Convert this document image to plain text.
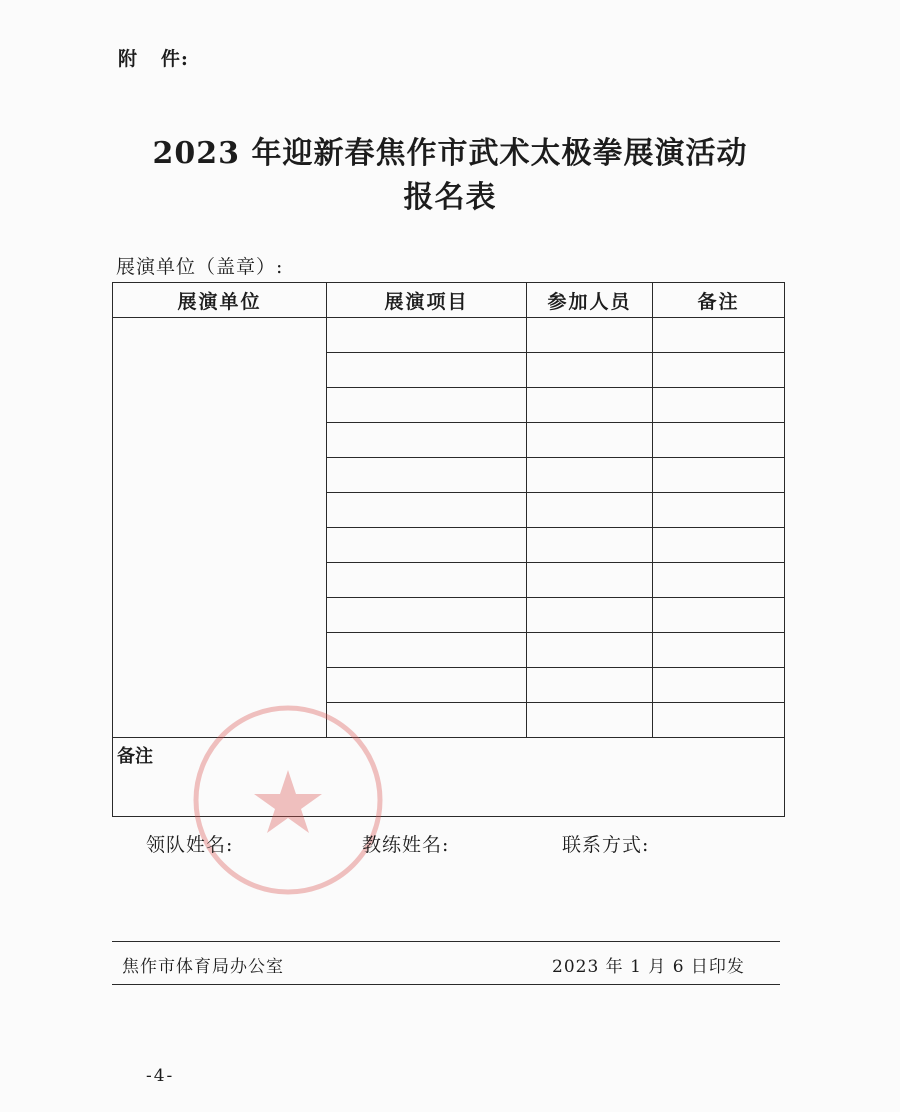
附   件:
2023 年迎新春焦作市武术太极拳展演活动
报名表
展演单位（盖章）:
展演单位	展演项目	参加人员	备注

备注			
领队姓名:	教练姓名:	联系方式:
焦作市体育局办公室	2023 年 1 月 6 日印发
-4-
